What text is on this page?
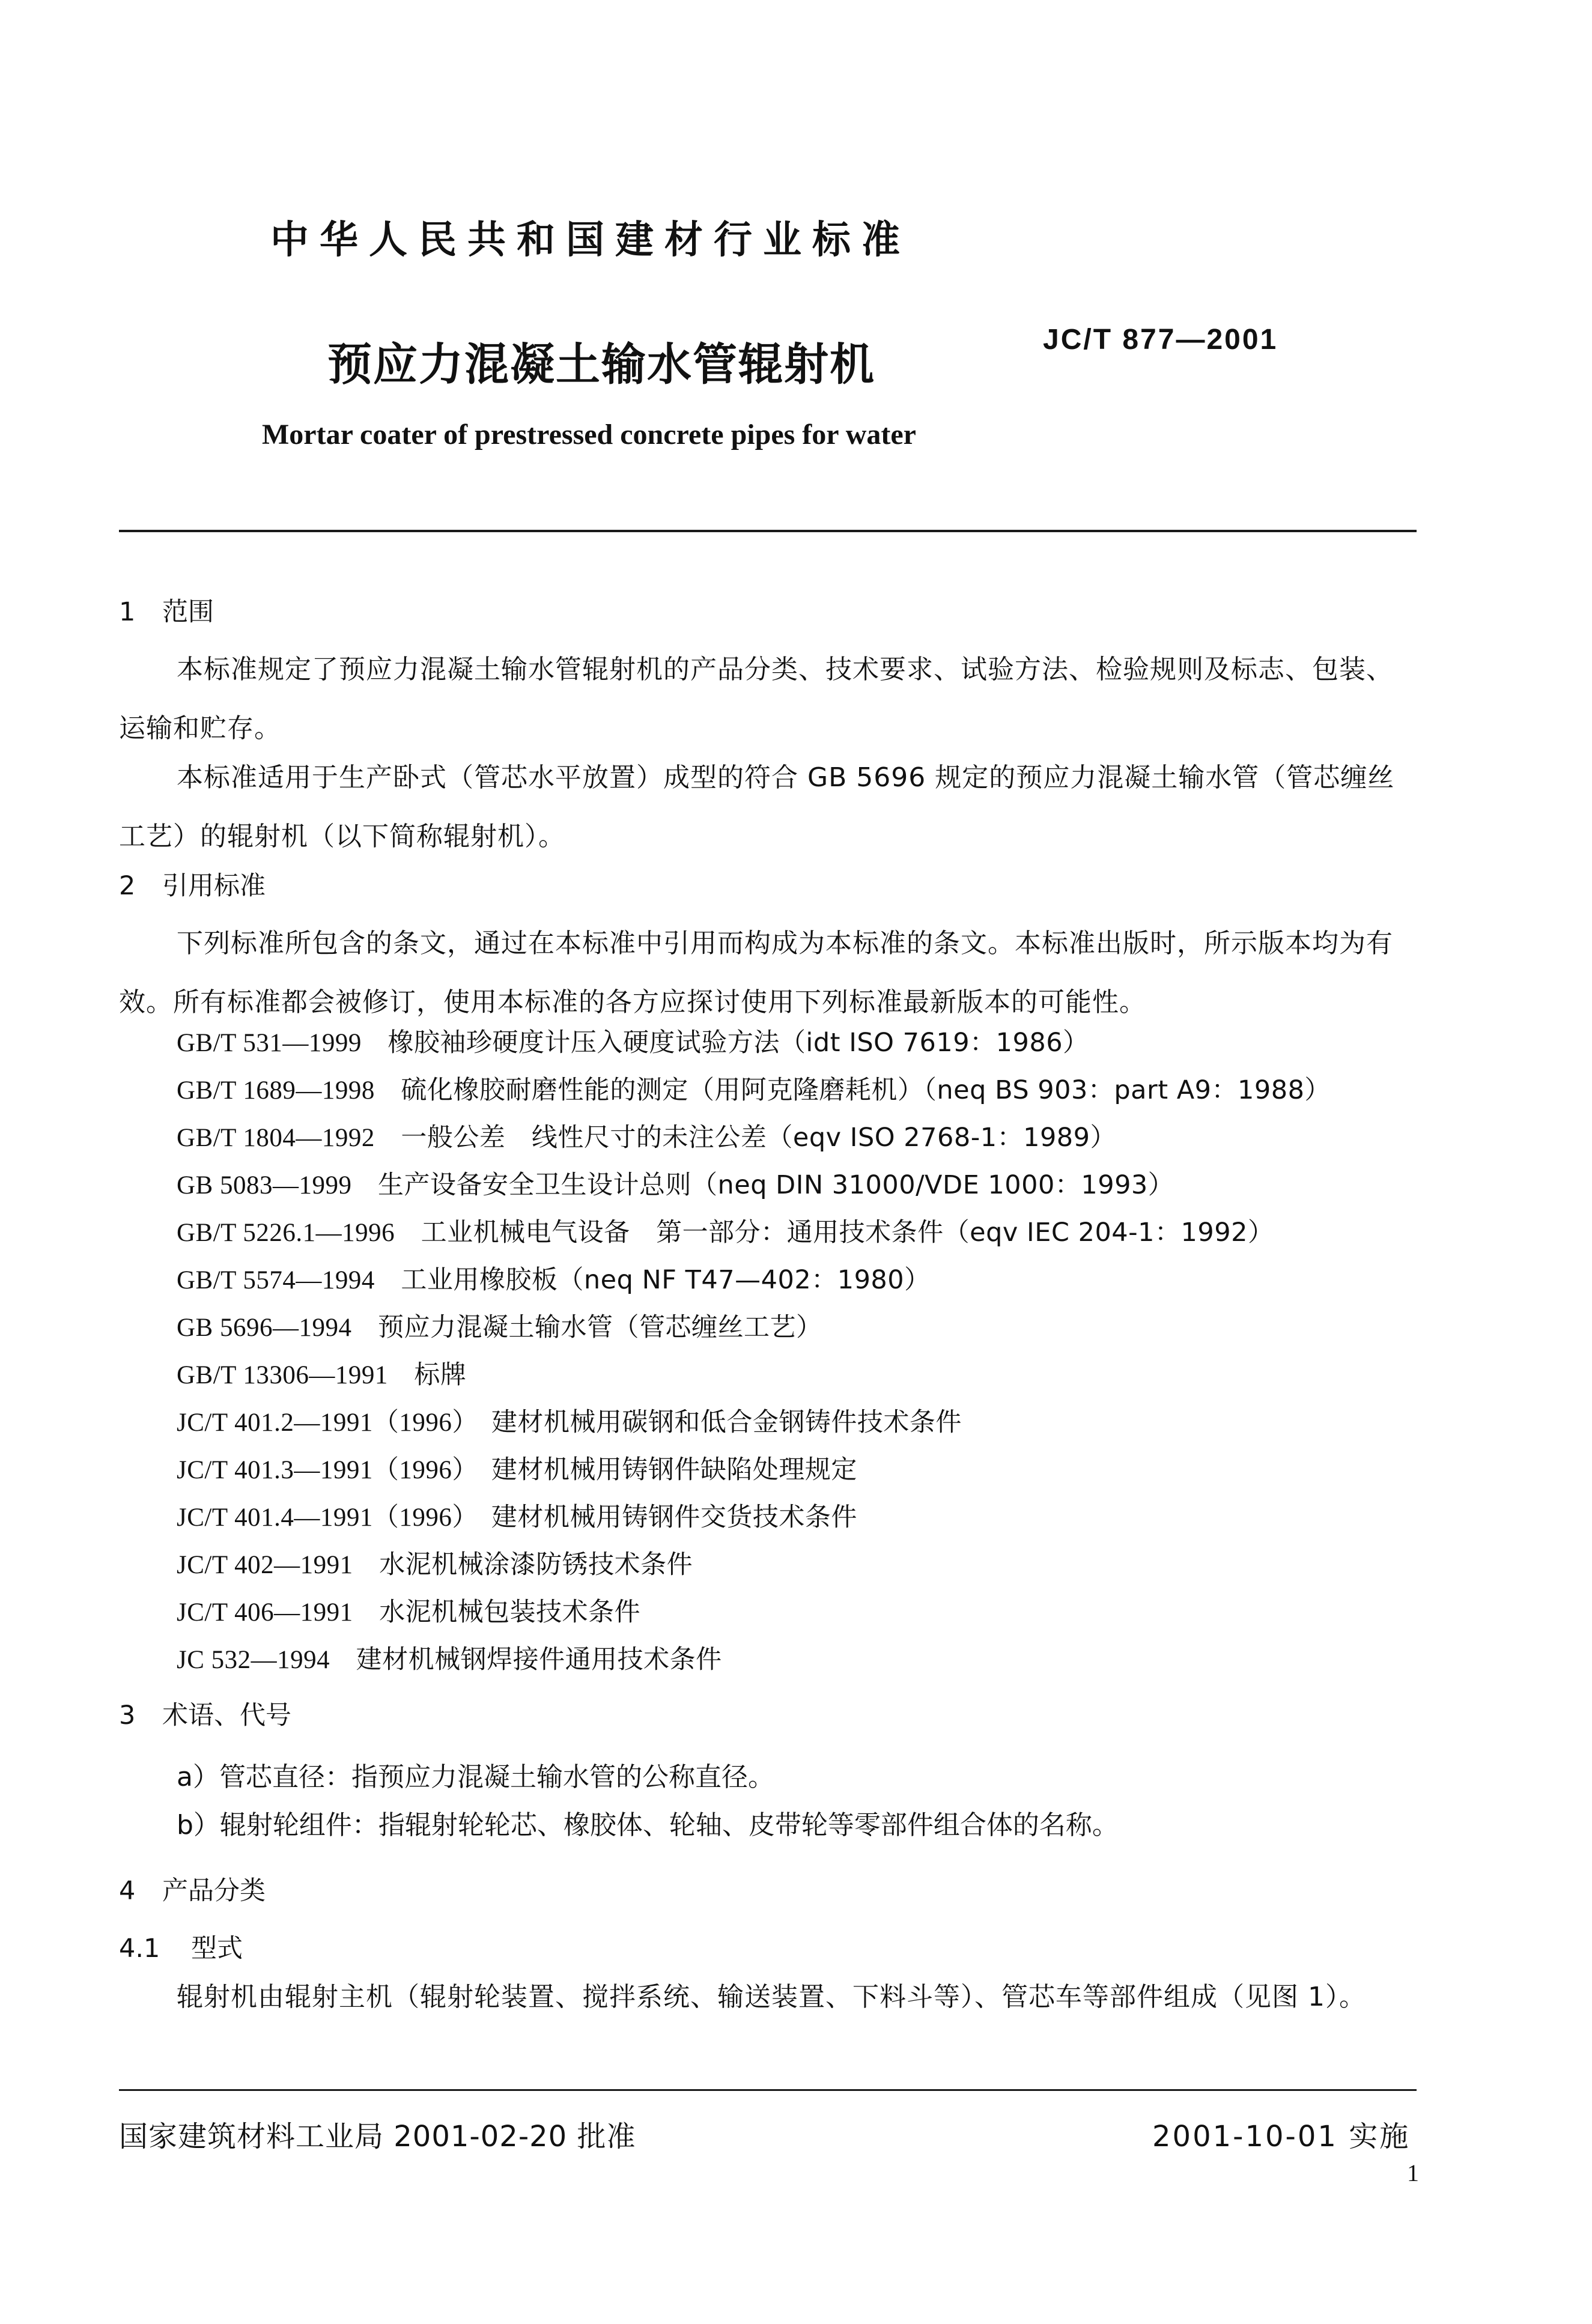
中华人民共和国建材行业标准
JC/T 877—2001
预应力混凝土输水管辊射机
Mortar coater of prestressed concrete pipes for water
1 范围
本标准规定了预应力混凝土输水管辊射机的产品分类、技术要求、试验方法、检验规则及标志、包装、运输和贮存。
本标准适用于生产卧式（管芯水平放置）成型的符合 GB 5696 规定的预应力混凝土输水管（管芯缠丝工艺）的辊射机（以下简称辊射机）。
2 引用标准
下列标准所包含的条文，通过在本标准中引用而构成为本标准的条文。本标准出版时，所示版本均为有效。所有标准都会被修订，使用本标准的各方应探讨使用下列标准最新版本的可能性。
GB/T 531—1999　 橡胶袖珍硬度计压入硬度试验方法（idt ISO 7619：1986）
GB/T 1689—1998　 硫化橡胶耐磨性能的测定（用阿克隆磨耗机）（neq BS 903：part A9：1988）
GB/T 1804—1992　 一般公差　线性尺寸的未注公差（eqv ISO 2768-1：1989）
GB 5083—1999　 生产设备安全卫生设计总则（neq DIN 31000/VDE 1000：1993）
GB/T 5226.1—1996　 工业机械电气设备　第一部分：通用技术条件（eqv IEC 204-1：1992）
GB/T 5574—1994　 工业用橡胶板（neq NF T47—402：1980）
GB 5696—1994　 预应力混凝土输水管（管芯缠丝工艺）
GB/T 13306—1991　 标牌
JC/T 401.2—1991（1996）　 建材机械用碳钢和低合金钢铸件技术条件
JC/T 401.3—1991（1996）　 建材机械用铸钢件缺陷处理规定
JC/T 401.4—1991（1996）　 建材机械用铸钢件交货技术条件
JC/T 402—1991　 水泥机械涂漆防锈技术条件
JC/T 406—1991　 水泥机械包装技术条件
JC 532—1994　 建材机械钢焊接件通用技术条件
3 术语、代号
a）管芯直径：指预应力混凝土输水管的公称直径。
b）辊射轮组件：指辊射轮轮芯、橡胶体、轮轴、皮带轮等零部件组合体的名称。
4 产品分类
4.1 型式
辊射机由辊射主机（辊射轮装置、搅拌系统、输送装置、下料斗等）、管芯车等部件组成（见图 1）。
国家建筑材料工业局 2001-02-20 批准	2001-10-01 实施
1
